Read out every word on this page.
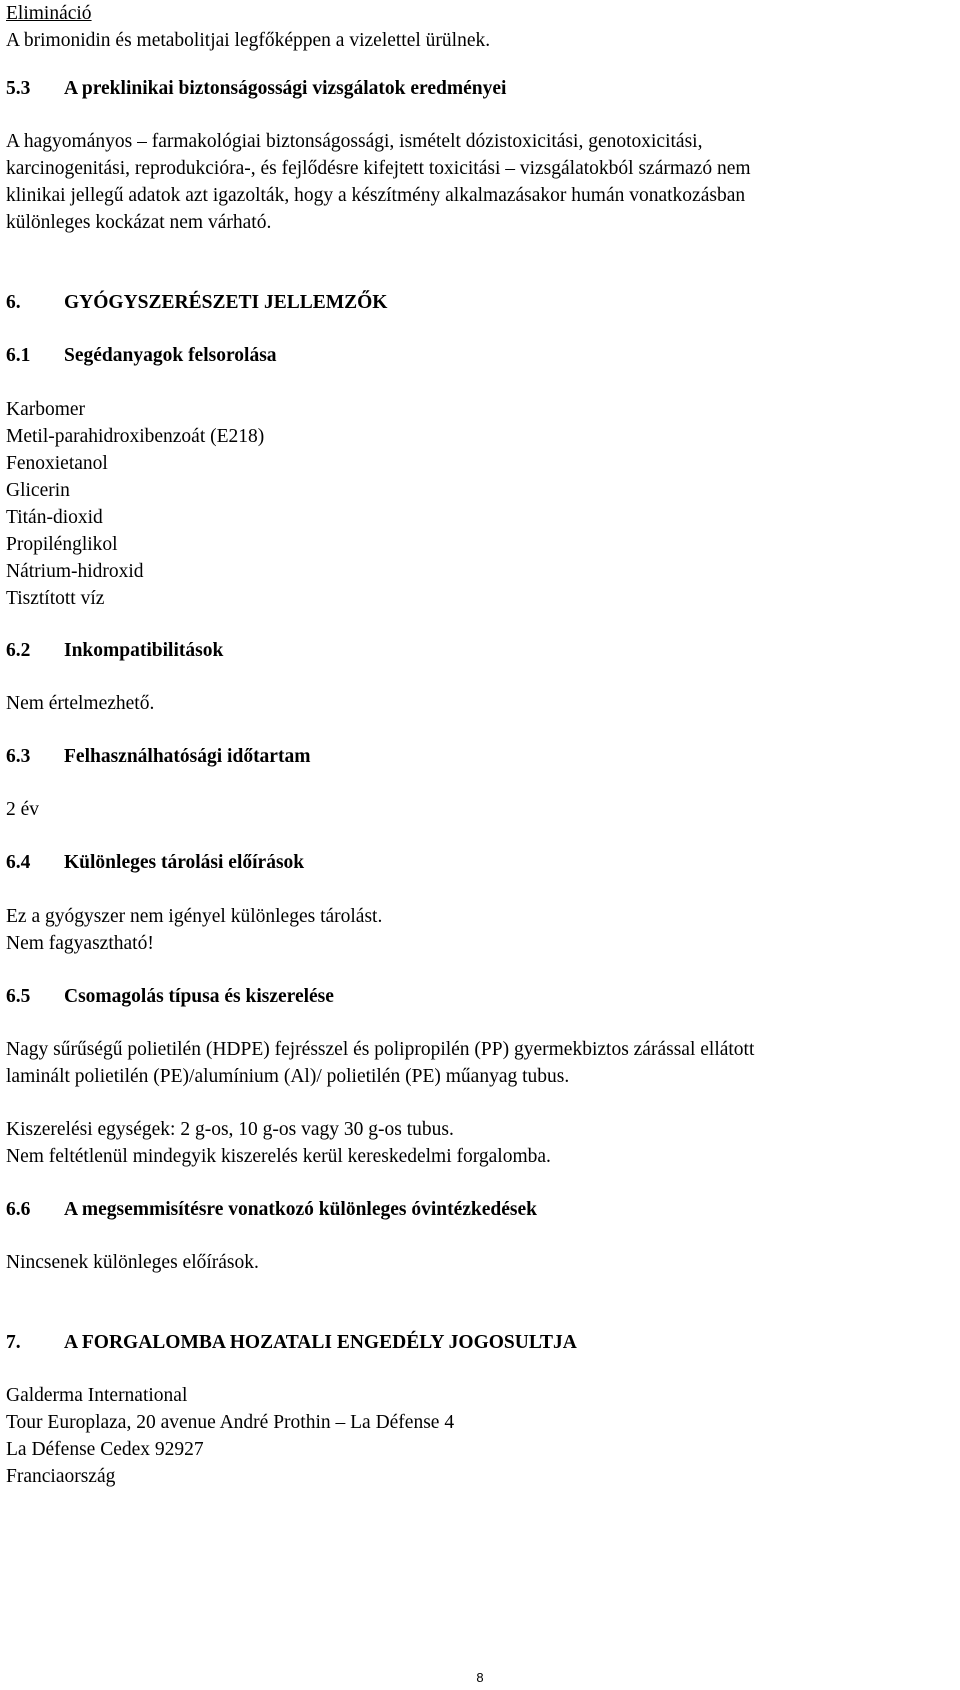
Elimináció
A brimonidin és metabolitjai legfőképpen a vizelettel ürülnek.
5.3	A preklinikai biztonságossági vizsgálatok eredményei
A hagyományos – farmakológiai biztonságossági, ismételt dózistoxicitási, genotoxicitási,
karcinogenitási, reprodukcióra-, és fejlődésre kifejtett toxicitási – vizsgálatokból származó nem
klinikai jellegű adatok azt igazolták, hogy a készítmény alkalmazásakor humán vonatkozásban
különleges kockázat nem várható.
6.	GYÓGYSZERÉSZETI JELLEMZŐK
6.1	Segédanyagok felsorolása
Karbomer
Metil-parahidroxibenzoát (E218)
Fenoxietanol
Glicerin
Titán-dioxid
Propilénglikol
Nátrium-hidroxid
Tisztított víz
6.2	Inkompatibilitások
Nem értelmezhető.
6.3	Felhasználhatósági időtartam
2 év
6.4	Különleges tárolási előírások
Ez a gyógyszer nem igényel különleges tárolást.
Nem fagyasztható!
6.5	Csomagolás típusa és kiszerelése
Nagy sűrűségű polietilén (HDPE) fejrésszel és polipropilén (PP) gyermekbiztos zárással ellátott
laminált polietilén (PE)/alumínium (Al)/ polietilén (PE) műanyag tubus.
Kiszerelési egységek: 2 g-os, 10 g-os vagy 30 g-os tubus.
Nem feltétlenül mindegyik kiszerelés kerül kereskedelmi forgalomba.
6.6	A megsemmisítésre vonatkozó különleges óvintézkedések
Nincsenek különleges előírások.
7.	A FORGALOMBA HOZATALI ENGEDÉLY JOGOSULTJA
Galderma International
Tour Europlaza, 20 avenue André Prothin – La Défense 4
La Défense Cedex 92927
Franciaország
8
